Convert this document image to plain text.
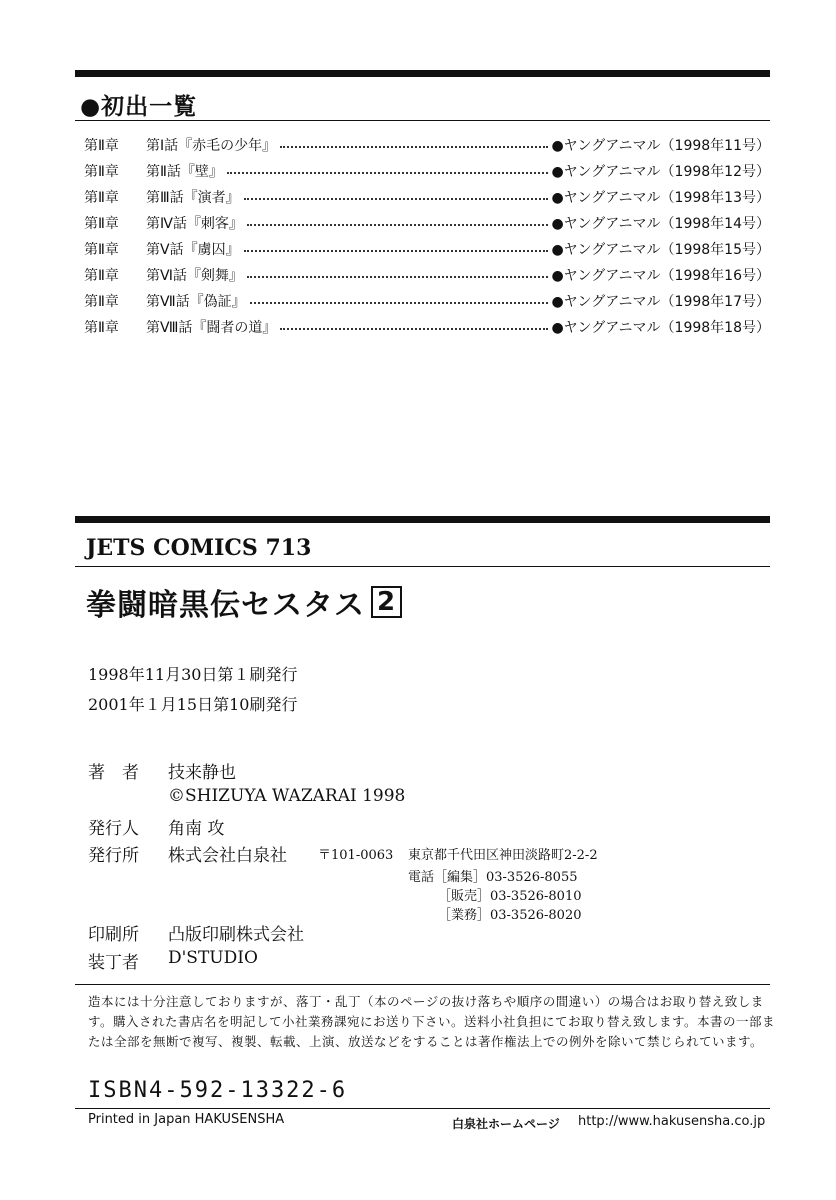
●初出一覧
第Ⅱ章	第Ⅰ話『赤毛の少年』	●ヤングアニマル（1998年11号）
第Ⅱ章	第Ⅱ話『壁』	●ヤングアニマル（1998年12号）
第Ⅱ章	第Ⅲ話『演者』	●ヤングアニマル（1998年13号）
第Ⅱ章	第Ⅳ話『刺客』	●ヤングアニマル（1998年14号）
第Ⅱ章	第Ⅴ話『虜囚』	●ヤングアニマル（1998年15号）
第Ⅱ章	第Ⅵ話『剣舞』	●ヤングアニマル（1998年16号）
第Ⅱ章	第Ⅶ話『偽証』	●ヤングアニマル（1998年17号）
第Ⅱ章	第Ⅷ話『闘者の道』	●ヤングアニマル（1998年18号）
JETS COMICS 713
拳闘暗黒伝セスタス 2
1998年11月30日第１刷発行
2001年１月15日第10刷発行
著　者 技来静也
©SHIZUYA WAZARAI 1998
発行人 角南 攻
発行所 株式会社白泉社 〒101-0063 東京都千代田区神田淡路町2-2-2
電話［編集］03-3526-8055
［販売］03-3526-8010
［業務］03-3526-8020
印刷所 凸版印刷株式会社
装丁者 D'STUDIO
造本には十分注意しておりますが、落丁・乱丁（本のページの抜け落ちや順序の間違い）の場合はお取り替え致します。購入された書店名を明記して小社業務課宛にお送り下さい。送料小社負担にてお取り替え致します。本書の一部または全部を無断で複写、複製、転載、上演、放送などをすることは著作権法上での例外を除いて禁じられています。
ISBN4-592-13322-6
Printed in Japan HAKUSENSHA	白泉社ホームページ http://www.hakusensha.co.jp
